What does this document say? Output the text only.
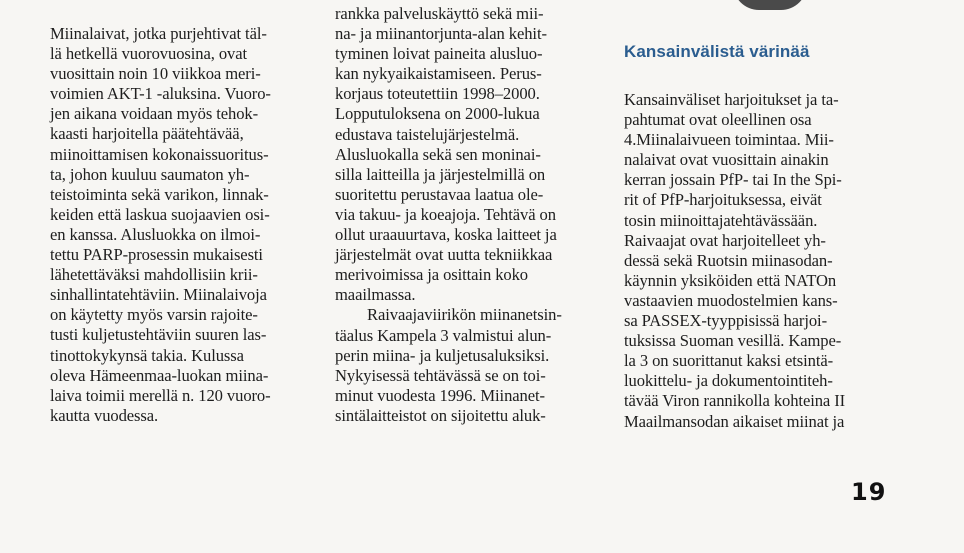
Miinalaivat, jotka purjehtivat täl-
lä hetkellä vuorovuosina, ovat
vuosittain noin 10 viikkoa meri-
voimien AKT-1 -aluksina. Vuoro-
jen aikana voidaan myös tehok-
kaasti harjoitella päätehtävää,
miinoittamisen kokonaissuoritus-
ta, johon kuuluu saumaton yh-
teistoiminta sekä varikon, linnak-
keiden että laskua suojaavien osi-
en kanssa. Alusluokka on ilmoi-
tettu PARP-prosessin mukaisesti
lähetettäväksi mahdollisiin krii-
sinhallintatehtäviin. Miinalaivoja
on käytetty myös varsin rajoite-
tusti kuljetustehtäviin suuren las-
tinottokykynsä takia. Kulussa
oleva Hämeenmaa-luokan miina-
laiva toimii merellä n. 120 vuoro-
kautta vuodessa.
rankka palveluskäyttö sekä mii-
na- ja miinantorjunta-alan kehit-
tyminen loivat paineita alusluo-
kan nykyaikaistamiseen. Perus-
korjaus toteutettiin 1998–2000.
Lopputuloksena on 2000-lukua
edustava taistelujärjestelmä.
Alusluokalla sekä sen moninai-
silla laitteilla ja järjestelmillä on
suoritettu perustavaa laatua ole-
via takuu- ja koeajoja. Tehtävä on
ollut uraauurtava, koska laitteet ja
järjestelmät ovat uutta tekniikkaa
merivoimissa ja osittain koko
maailmassa.
Raivaajaviirikön miinanetsin-
täalus Kampela 3 valmistui alun-
perin miina- ja kuljetusaluksiksi.
Nykyisessä tehtävässä se on toi-
minut vuodesta 1996. Miinanet-
sintälaitteistot on sijoitettu aluk-
Kansainvälistä värinää
Kansainväliset harjoitukset ja ta-
pahtumat ovat oleellinen osa
4.Miinalaivueen toimintaa. Mii-
nalaivat ovat vuosittain ainakin
kerran jossain PfP- tai In the Spi-
rit of PfP-harjoituksessa, eivät
tosin miinoittajatehtävässään.
Raivaajat ovat harjoitelleet yh-
dessä sekä Ruotsin miinasodan-
käynnin yksiköiden että NATOn
vastaavien muodostelmien kans-
sa PASSEX-tyyppisissä harjoi-
tuksissa Suoman vesillä. Kampe-
la 3 on suorittanut kaksi etsintä-
luokittelu- ja dokumentointiteh-
tävää Viron rannikolla kohteina II
Maailmansodan aikaiset miinat ja
19
